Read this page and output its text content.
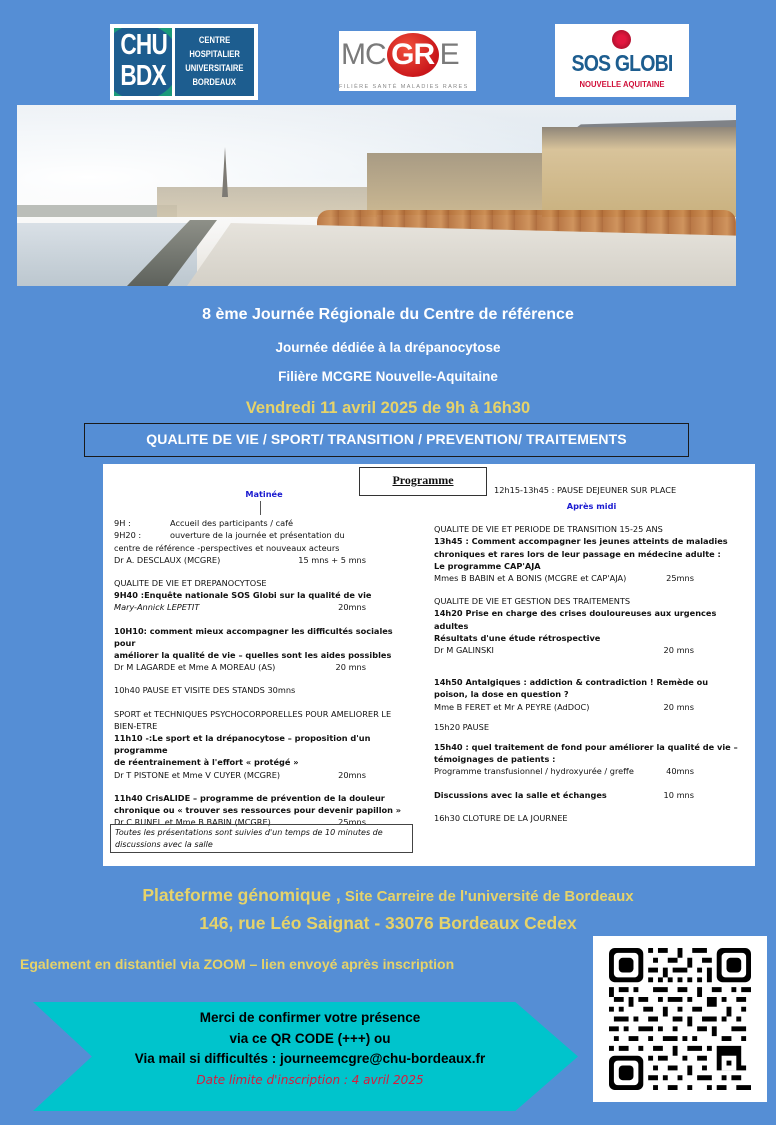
CHU
BDX
CENTRE
HOSPITALIER
UNIVERSITAIRE
BORDEAUX
MC GR E
FILIÈRE SANTÉ MALADIES RARES
SOS GLOBI
NOUVELLE AQUITAINE
8 ème Journée Régionale du Centre de référence
Journée dédiée à la drépanocytose
Filière MCGRE Nouvelle-Aquitaine
Vendredi 11 avril 2025 de 9h à 16h30
QUALITE DE VIE / SPORT/ TRANSITION / PREVENTION/ TRAITEMENTS
Programme
Matinée
9H :	Accueil des participants / café
9H20 :	ouverture de la journée et présentation du
centre de référence -perspectives et nouveaux acteurs
Dr A. DESCLAUX (MCGRE)	15 mns + 5 mns
QUALITE DE VIE ET DREPANOCYTOSE
9H40 :Enquête nationale SOS Globi sur la qualité de vie
Mary-Annick LEPETIT	20mns
10H10: comment mieux accompagner les difficultés sociales pour
améliorer la qualité de vie – quelles sont les aides possibles
Dr M LAGARDE et Mme A MOREAU (AS)	20 mns
10h40 PAUSE ET VISITE DES STANDS 30mns
SPORT et TECHNIQUES PSYCHOCORPORELLES POUR AMELIORER LE BIEN-ETRE
11h10 -:Le sport et la drépanocytose – proposition d'un programme
de réentrainement à l'effort « protégé »
Dr T PISTONE et Mme V CUYER (MCGRE)	20mns
11h40 CrisALIDE – programme de prévention de la douleur
chronique ou « trouver ses ressources pour devenir papillon »
Dr C RUNEL et Mme B BABIN (MCGRE)	25mns
Toutes les présentations sont suivies d'un temps de 10 minutes de discussions avec la salle
12h15-13h45 : PAUSE DEJEUNER SUR PLACE
Après midi
QUALITE DE VIE ET PERIODE DE TRANSITION 15-25 ANS
13h45 : Comment accompagner les jeunes atteints de maladies
chroniques et rares lors de leur passage en médecine adulte :
Le programme CAP'AJA
Mmes B BABIN et A BONIS (MCGRE et CAP'AJA)	25mns
QUALITE DE VIE ET GESTION DES TRAITEMENTS
14h20 Prise en charge des crises douloureuses aux urgences
adultes
Résultats d'une étude rétrospective
Dr M GALINSKI	20 mns
14h50 Antalgiques : addiction & contradiction ! Remède ou
poison, la dose en question ?
Mme B FERET et Mr A PEYRE (AdDOC)	20 mns
15h20 PAUSE
15h40 : quel traitement de fond pour améliorer la qualité de vie –
témoignages de patients :
Programme transfusionnel / hydroxyurée / greffe	40mns
Discussions avec la salle et échanges	10 mns
16h30 CLOTURE DE LA JOURNEE
Plateforme génomique , Site Carreire de l'université de Bordeaux
146, rue Léo Saignat - 33076 Bordeaux Cedex
Egalement en distantiel via ZOOM – lien envoyé après inscription
Merci de confirmer votre présence
via ce QR CODE (+++) ou
Via mail si difficultés : journeemcgre@chu-bordeaux.fr
Date limite d'inscription : 4 avril 2025
